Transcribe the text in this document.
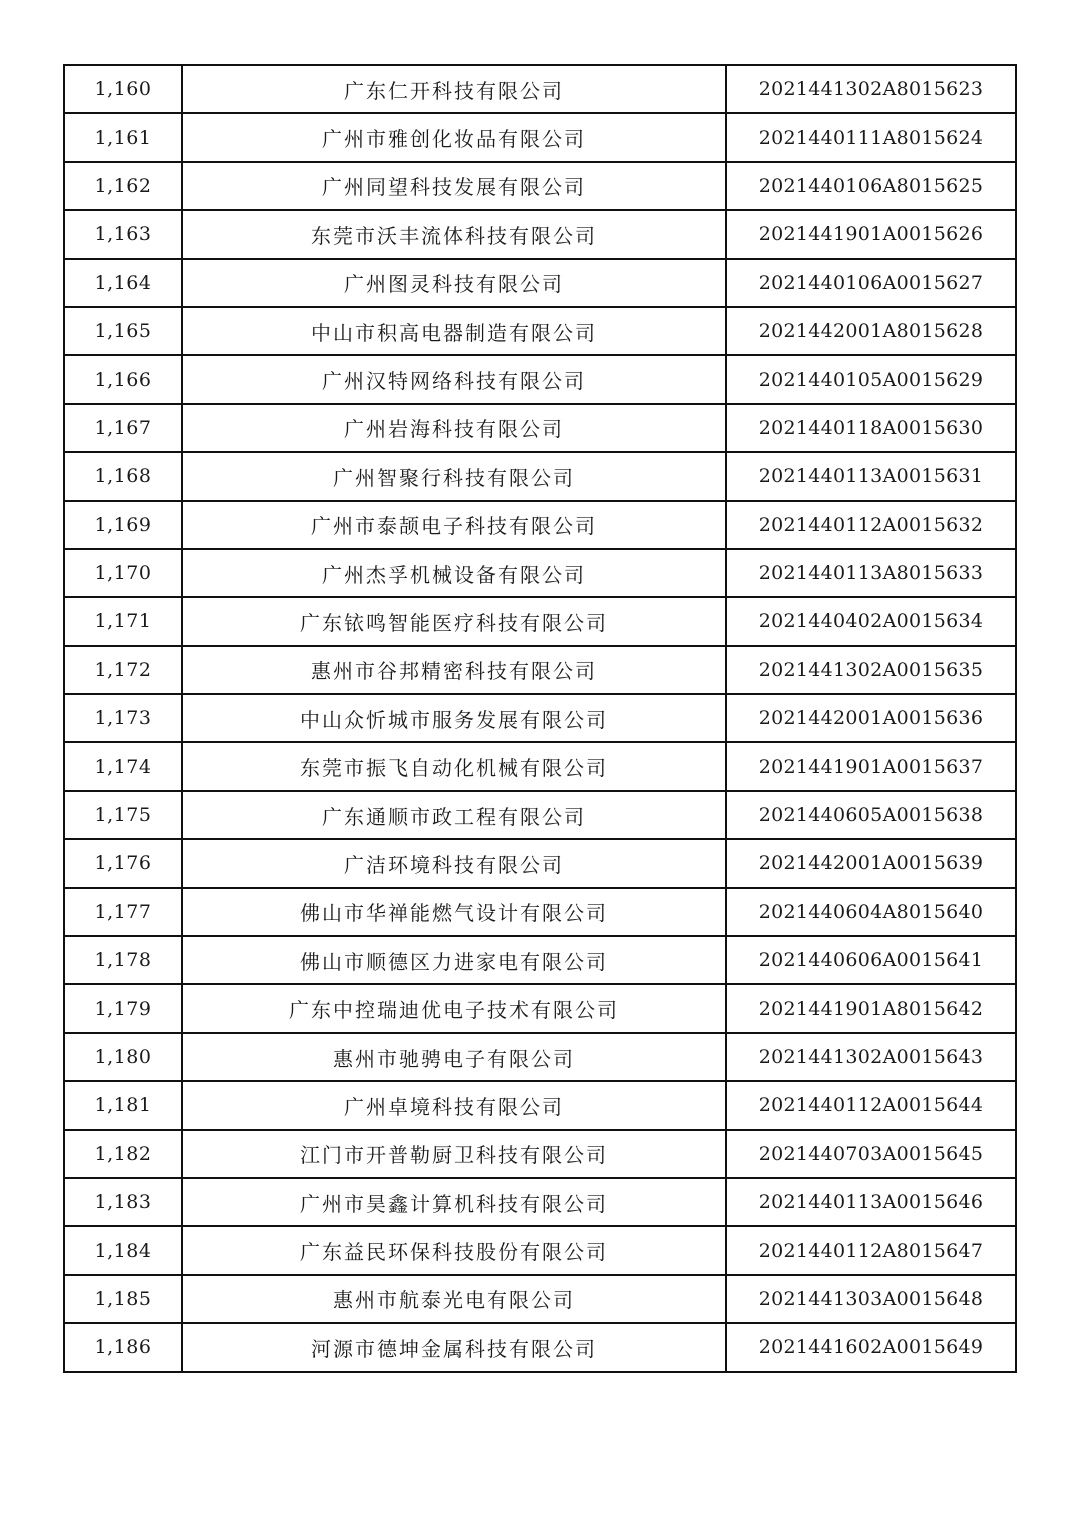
1,160	广东仁开科技有限公司	2021441302A8015623
1,161	广州市雅创化妆品有限公司	2021440111A8015624
1,162	广州同望科技发展有限公司	2021440106A8015625
1,163	东莞市沃丰流体科技有限公司	2021441901A0015626
1,164	广州图灵科技有限公司	2021440106A0015627
1,165	中山市积高电器制造有限公司	2021442001A8015628
1,166	广州汉特网络科技有限公司	2021440105A0015629
1,167	广州岩海科技有限公司	2021440118A0015630
1,168	广州智聚行科技有限公司	2021440113A0015631
1,169	广州市泰颉电子科技有限公司	2021440112A0015632
1,170	广州杰孚机械设备有限公司	2021440113A8015633
1,171	广东铱鸣智能医疗科技有限公司	2021440402A0015634
1,172	惠州市谷邦精密科技有限公司	2021441302A0015635
1,173	中山众忻城市服务发展有限公司	2021442001A0015636
1,174	东莞市振飞自动化机械有限公司	2021441901A0015637
1,175	广东通顺市政工程有限公司	2021440605A0015638
1,176	广洁环境科技有限公司	2021442001A0015639
1,177	佛山市华禅能燃气设计有限公司	2021440604A8015640
1,178	佛山市顺德区力进家电有限公司	2021440606A0015641
1,179	广东中控瑞迪优电子技术有限公司	2021441901A8015642
1,180	惠州市驰骋电子有限公司	2021441302A0015643
1,181	广州卓境科技有限公司	2021440112A0015644
1,182	江门市开普勒厨卫科技有限公司	2021440703A0015645
1,183	广州市昊鑫计算机科技有限公司	2021440113A0015646
1,184	广东益民环保科技股份有限公司	2021440112A8015647
1,185	惠州市航泰光电有限公司	2021441303A0015648
1,186	河源市德坤金属科技有限公司	2021441602A0015649
